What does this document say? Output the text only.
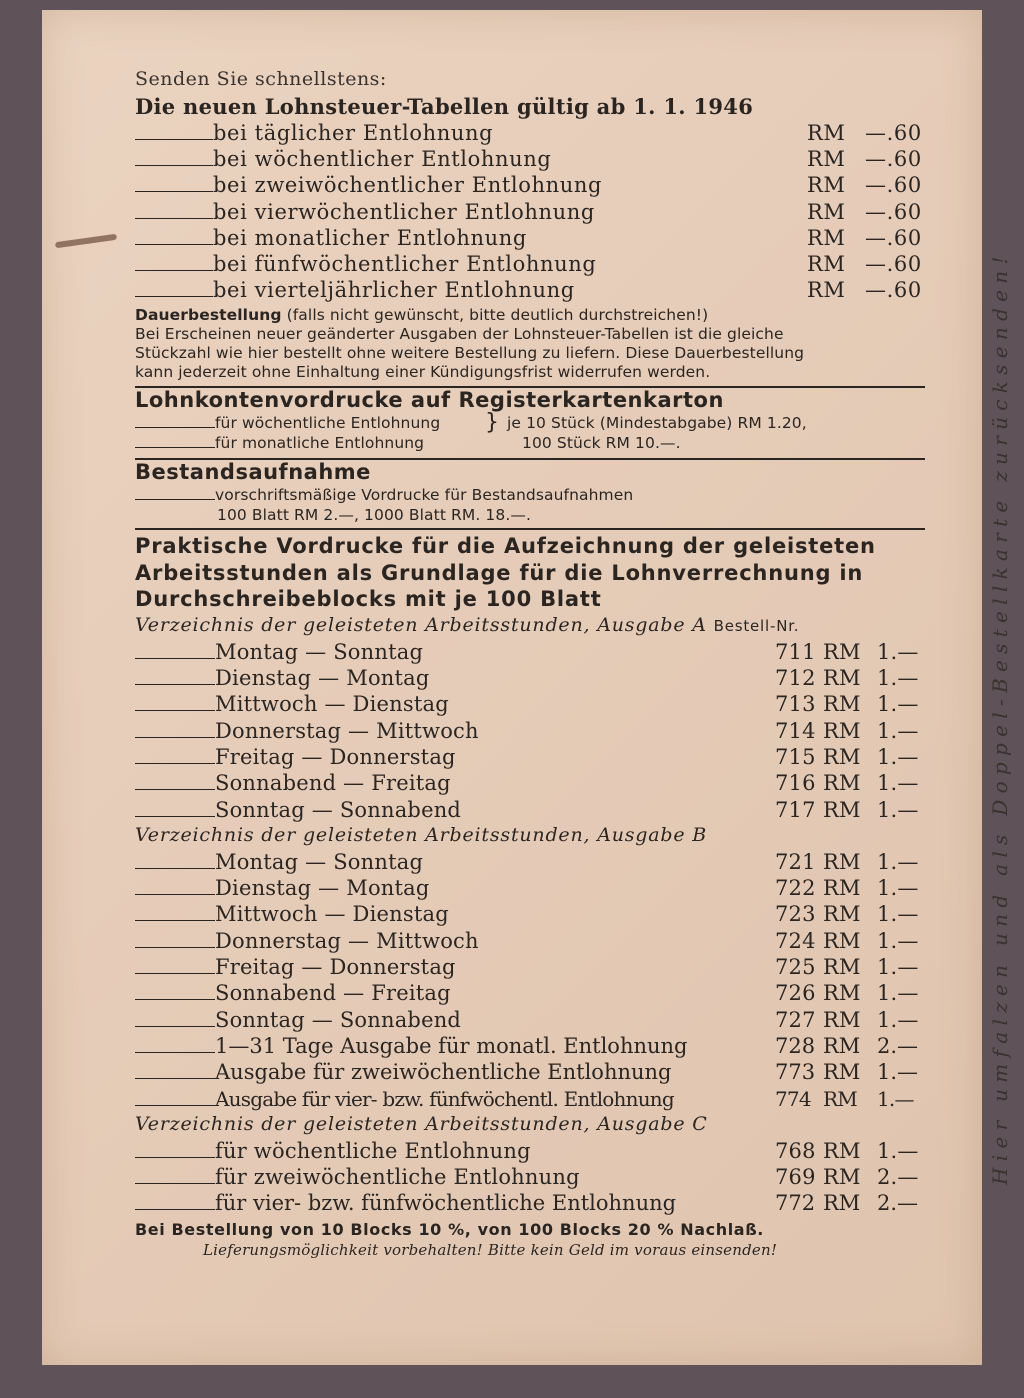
Senden Sie schnellstens:
Die neuen Lohnsteuer-Tabellen gültig ab 1. 1. 1946
bei täglicher Entlohnung	RM —.60
bei wöchentlicher Entlohnung	RM —.60
bei zweiwöchentlicher Entlohnung	RM —.60
bei vierwöchentlicher Entlohnung	RM —.60
bei monatlicher Entlohnung	RM —.60
bei fünfwöchentlicher Entlohnung	RM —.60
bei vierteljährlicher Entlohnung	RM —.60
Dauerbestellung (falls nicht gewünscht, bitte deutlich durchstreichen!)
Bei Erscheinen neuer geänderter Ausgaben der Lohnsteuer-Tabellen ist die gleiche
Stückzahl wie hier bestellt ohne weitere Bestellung zu liefern. Diese Dauerbestellung
kann jederzeit ohne Einhaltung einer Kündigungsfrist widerrufen werden.
Lohnkontenvordrucke auf Registerkartenkarton
für wöchentliche Entlohnung } je 10 Stück (Mindestabgabe) RM 1.20,
für monatliche Entlohnung	100 Stück RM 10.—.
Bestandsaufnahme
vorschriftsmäßige Vordrucke für Bestandsaufnahmen
100 Blatt RM 2.—, 1000 Blatt RM. 18.—.
Praktische Vordrucke für die Aufzeichnung der geleisteten
Arbeitsstunden als Grundlage für die Lohnverrechnung in
Durchschreibeblocks mit je 100 Blatt
Verzeichnis der geleisteten Arbeitsstunden, Ausgabe A Bestell-Nr.
Montag — Sonntag	711 RM 1.—
Dienstag — Montag	712 RM 1.—
Mittwoch — Dienstag	713 RM 1.—
Donnerstag — Mittwoch	714 RM 1.—
Freitag — Donnerstag	715 RM 1.—
Sonnabend — Freitag	716 RM 1.—
Sonntag — Sonnabend	717 RM 1.—
Verzeichnis der geleisteten Arbeitsstunden, Ausgabe B
Montag — Sonntag	721 RM 1.—
Dienstag — Montag	722 RM 1.—
Mittwoch — Dienstag	723 RM 1.—
Donnerstag — Mittwoch	724 RM 1.—
Freitag — Donnerstag	725 RM 1.—
Sonnabend — Freitag	726 RM 1.—
Sonntag — Sonnabend	727 RM 1.—
1—31 Tage Ausgabe für monatl. Entlohnung	728 RM 2.—
Ausgabe für zweiwöchentliche Entlohnung	773 RM 1.—
Ausgabe für vier- bzw. fünfwöchentl. Entlohnung	774 RM 1.—
Verzeichnis der geleisteten Arbeitsstunden, Ausgabe C
für wöchentliche Entlohnung	768 RM 1.—
für zweiwöchentliche Entlohnung	769 RM 2.—
für vier- bzw. fünfwöchentliche Entlohnung	772 RM 2.—
Bei Bestellung von 10 Blocks 10 %, von 100 Blocks 20 % Nachlaß.
Lieferungsmöglichkeit vorbehalten! Bitte kein Geld im voraus einsenden!
Hier umfalzen und als Doppel-Bestellkarte zurücksenden!
